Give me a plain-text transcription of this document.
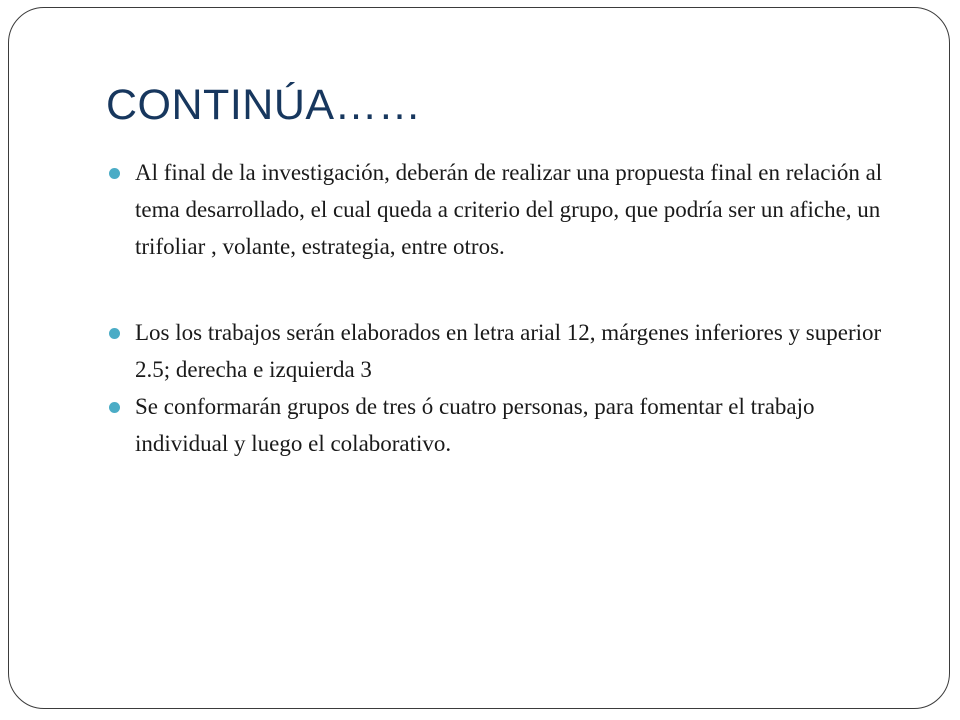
CONTINÚA……
Al final de la investigación, deberán de realizar una propuesta final en relación al tema desarrollado, el cual queda a criterio del grupo, que podría ser un afiche, un trifoliar , volante, estrategia, entre otros.
Los los trabajos serán elaborados en letra arial 12, márgenes inferiores y superior 2.5; derecha e izquierda 3
Se conformarán grupos de tres ó cuatro personas, para fomentar el trabajo individual y luego el colaborativo.
